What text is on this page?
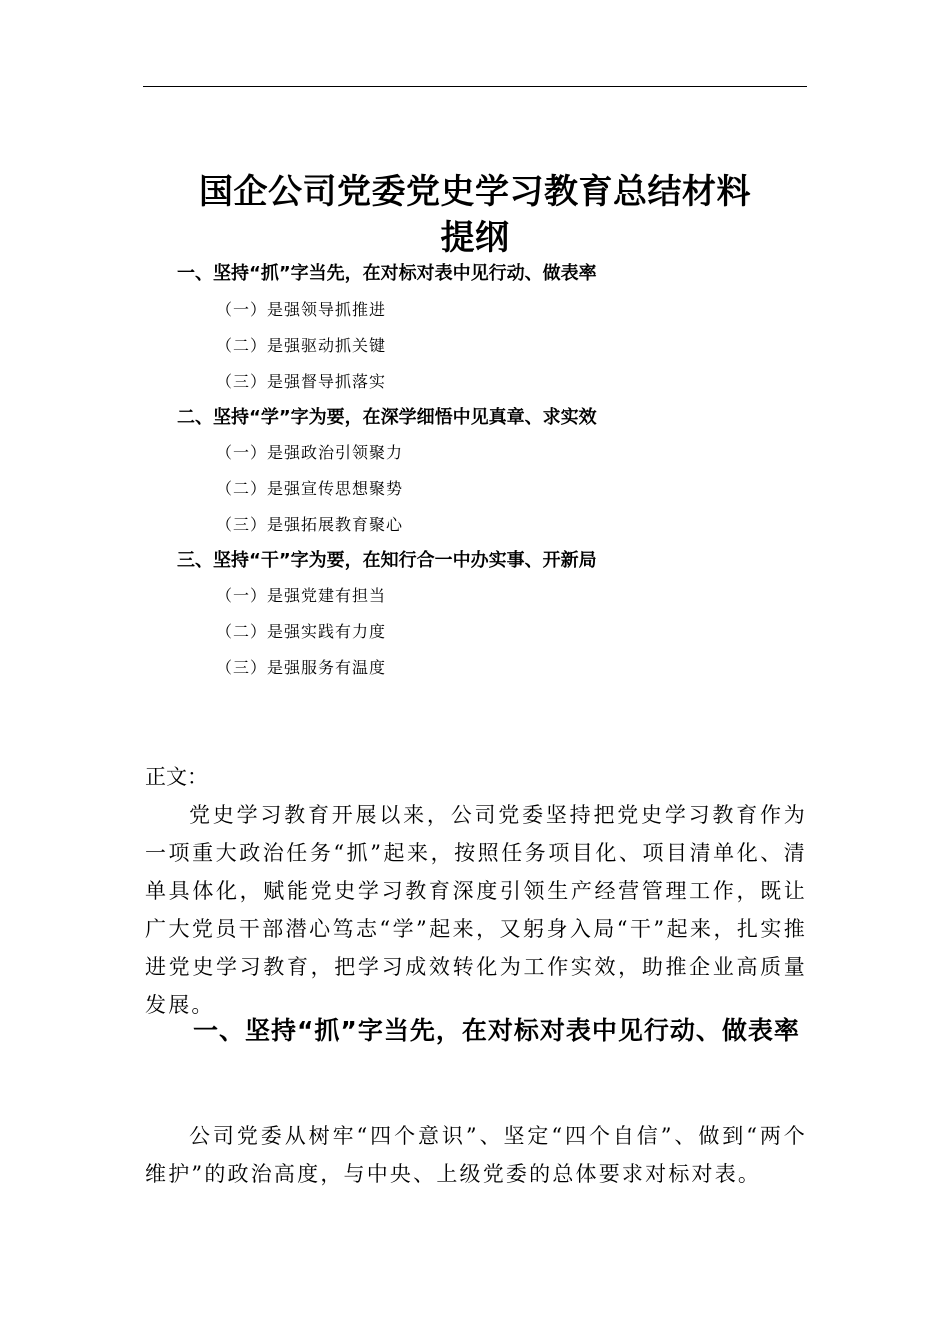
国企公司党委党史学习教育总结材料
提纲
一、坚持“抓”字当先，在对标对表中见行动、做表率
（一）是强领导抓推进
（二）是强驱动抓关键
（三）是强督导抓落实
二、坚持“学”字为要，在深学细悟中见真章、求实效
（一）是强政治引领聚力
（二）是强宣传思想聚势
（三）是强拓展教育聚心
三、坚持“干”字为要，在知行合一中办实事、开新局
（一）是强党建有担当
（二）是强实践有力度
（三）是强服务有温度
正文：
党史学习教育开展以来，公司党委坚持把党史学习教育作为一项重大政治任务“抓”起来，按照任务项目化、项目清单化、清单具体化，赋能党史学习教育深度引领生产经营管理工作，既让广大党员干部潜心笃志“学”起来，又躬身入局“干”起来，扎实推进党史学习教育，把学习成效转化为工作实效，助推企业高质量发展。
一、坚持“抓”字当先，在对标对表中见行动、做表率
公司党委从树牢“四个意识”、坚定“四个自信”、做到“两个维护”的政治高度，与中央、上级党委的总体要求对标对表。
